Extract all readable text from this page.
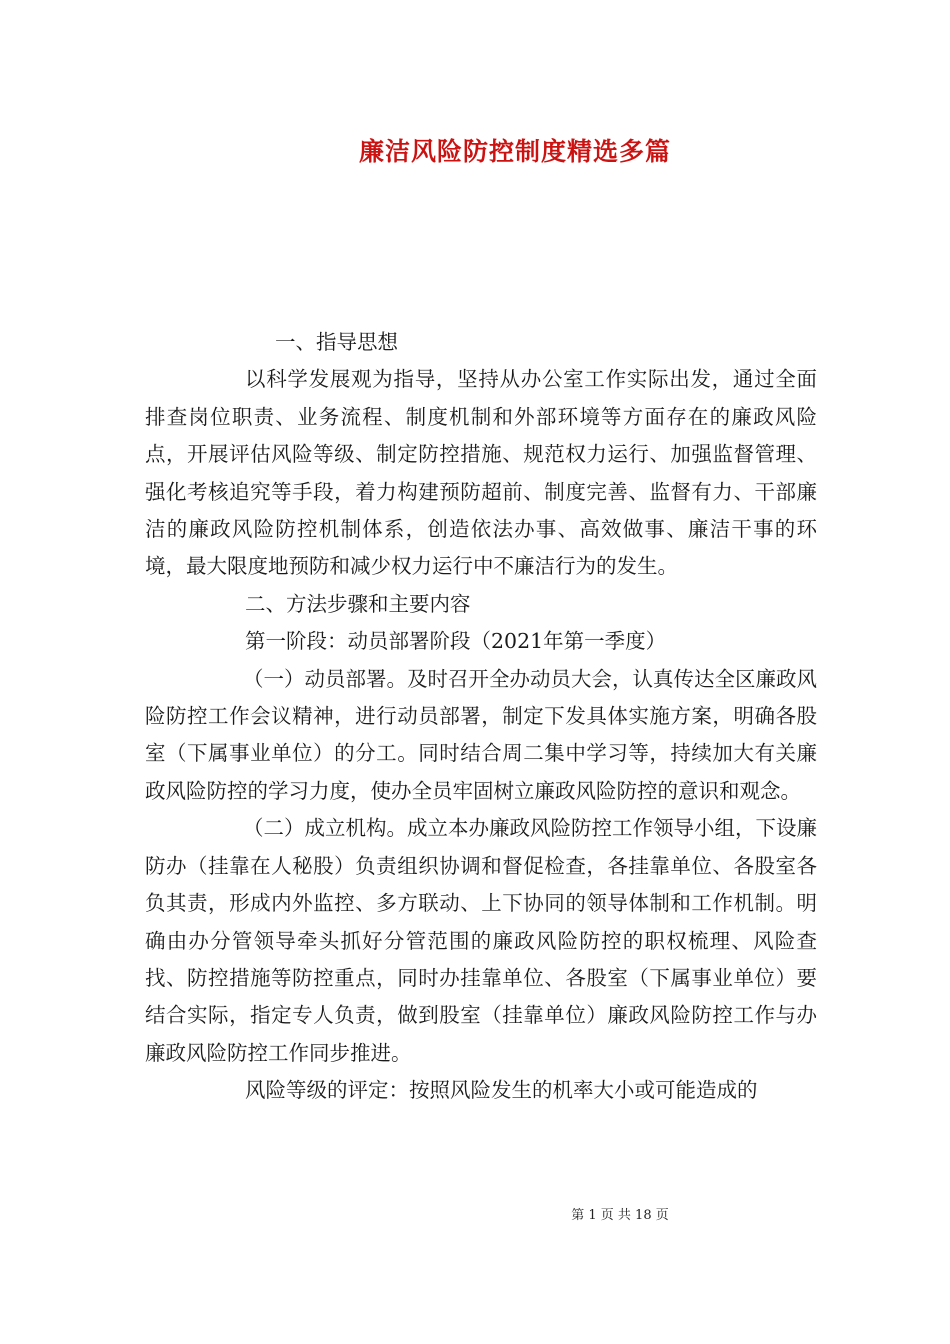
廉洁风险防控制度精选多篇

一、指导思想

以科学发展观为指导，坚持从办公室工作实际出发，通过全面排查岗位职责、业务流程、制度机制和外部环境等方面存在的廉政风险点，开展评估风险等级、制定防控措施、规范权力运行、加强监督管理、强化考核追究等手段，着力构建预防超前、制度完善、监督有力、干部廉洁的廉政风险防控机制体系，创造依法办事、高效做事、廉洁干事的环境，最大限度地预防和减少权力运行中不廉洁行为的发生。

二、方法步骤和主要内容

第一阶段：动员部署阶段（2021年第一季度）

（一）动员部署。及时召开全办动员大会，认真传达全区廉政风险防控工作会议精神，进行动员部署，制定下发具体实施方案，明确各股室（下属事业单位）的分工。同时结合周二集中学习等，持续加大有关廉政风险防控的学习力度，使办全员牢固树立廉政风险防控的意识和观念。

（二）成立机构。成立本办廉政风险防控工作领导小组，下设廉防办（挂靠在人秘股）负责组织协调和督促检查，各挂靠单位、各股室各负其责，形成内外监控、多方联动、上下协同的领导体制和工作机制。明确由办分管领导牵头抓好分管范围的廉政风险防控的职权梳理、风险查找、防控措施等防控重点，同时办挂靠单位、各股室（下属事业单位）要结合实际，指定专人负责，做到股室（挂靠单位）廉政风险防控工作与办廉政风险防控工作同步推进。

风险等级的评定：按照风险发生的机率大小或可能造成的

第 1 页 共 18 页
